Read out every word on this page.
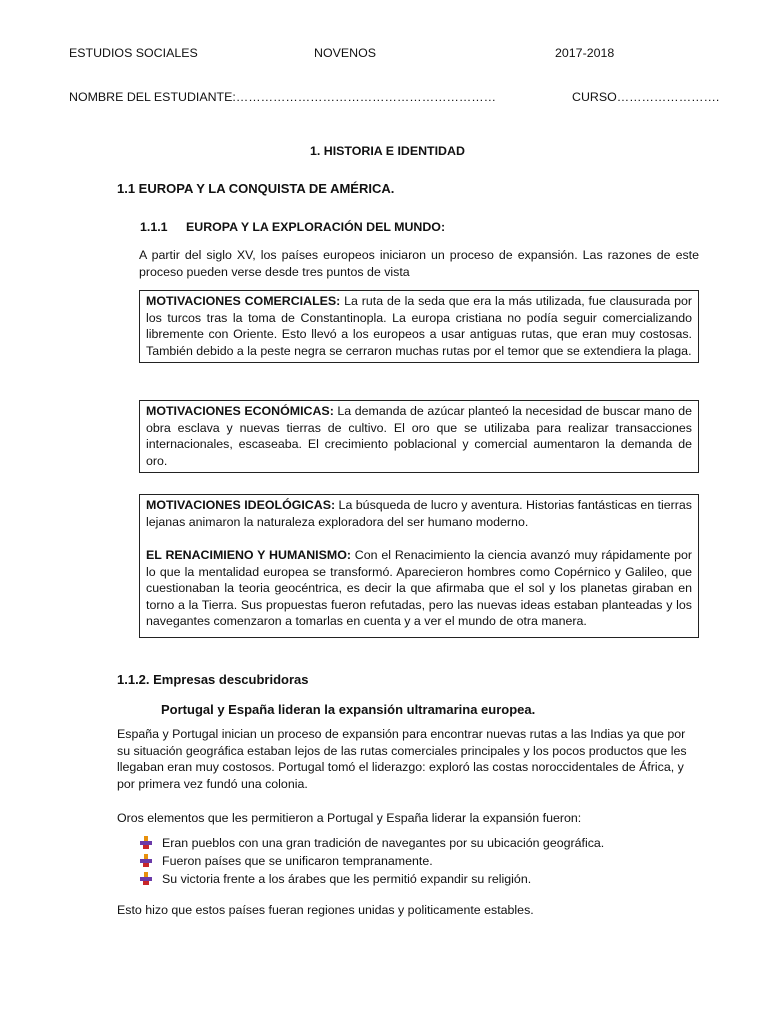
ESTUDIOS SOCIALES	NOVENOS	2017-2018
NOMBRE DEL ESTUDIANTE:………………………………………………………	CURSO…………………….
1. HISTORIA E IDENTIDAD
1.1 EUROPA Y LA CONQUISTA DE AMÉRICA.
1.1.1 EUROPA Y LA EXPLORACIÓN DEL MUNDO:
A partir del siglo XV, los países europeos iniciaron un proceso de expansión. Las razones de este proceso pueden verse desde tres puntos de vista

MOTIVACIONES COMERCIALES: La ruta de la seda que era la más utilizada, fue clausurada por los turcos tras la toma de Constantinopla. La europa cristiana no podía seguir comercializando libremente con Oriente. Esto llevó a los europeos a usar antiguas rutas, que eran muy costosas. También debido a la peste negra se cerraron muchas rutas por el temor que se extendiera la plaga.

MOTIVACIONES ECONÓMICAS: La demanda de azúcar planteó la necesidad de buscar mano de obra esclava y nuevas tierras de cultivo. El oro que se utilizaba para realizar transacciones internacionales, escaseaba. El crecimiento poblacional y comercial aumentaron la demanda de oro.

MOTIVACIONES IDEOLÓGICAS: La búsqueda de lucro y aventura. Historias fantásticas en tierras lejanas animaron la naturaleza exploradora del ser humano moderno.

EL RENACIMIENO Y HUMANISMO: Con el Renacimiento la ciencia avanzó muy rápidamente por lo que la mentalidad europea se transformó. Aparecieron hombres como Copérnico y Galileo, que cuestionaban la teoria geocéntrica, es decir la que afirmaba que el sol y los planetas giraban en torno a la Tierra. Sus propuestas fueron refutadas, pero las nuevas ideas estaban planteadas y los navegantes comenzaron a tomarlas en cuenta y a ver el mundo de otra manera.

1.1.2. Empresas descubridoras
Portugal y España lideran la expansión ultramarina europea.
España y Portugal inician un proceso de expansión para encontrar nuevas rutas a las Indias ya que por su situación geográfica estaban lejos de las rutas comerciales principales y los pocos productos que les llegaban eran muy costosos. Portugal tomó el liderazgo: exploró las costas noroccidentales de África, y por primera vez fundó una colonia.
Oros elementos que les permitieron a Portugal y España liderar la expansión fueron:
Eran pueblos con una gran tradición de navegantes por su ubicación geográfica.
Fueron países que se unificaron tempranamente.
Su victoria frente a los árabes que les permitió expandir su religión.
Esto hizo que estos países fueran regiones unidas y politicamente estables.
